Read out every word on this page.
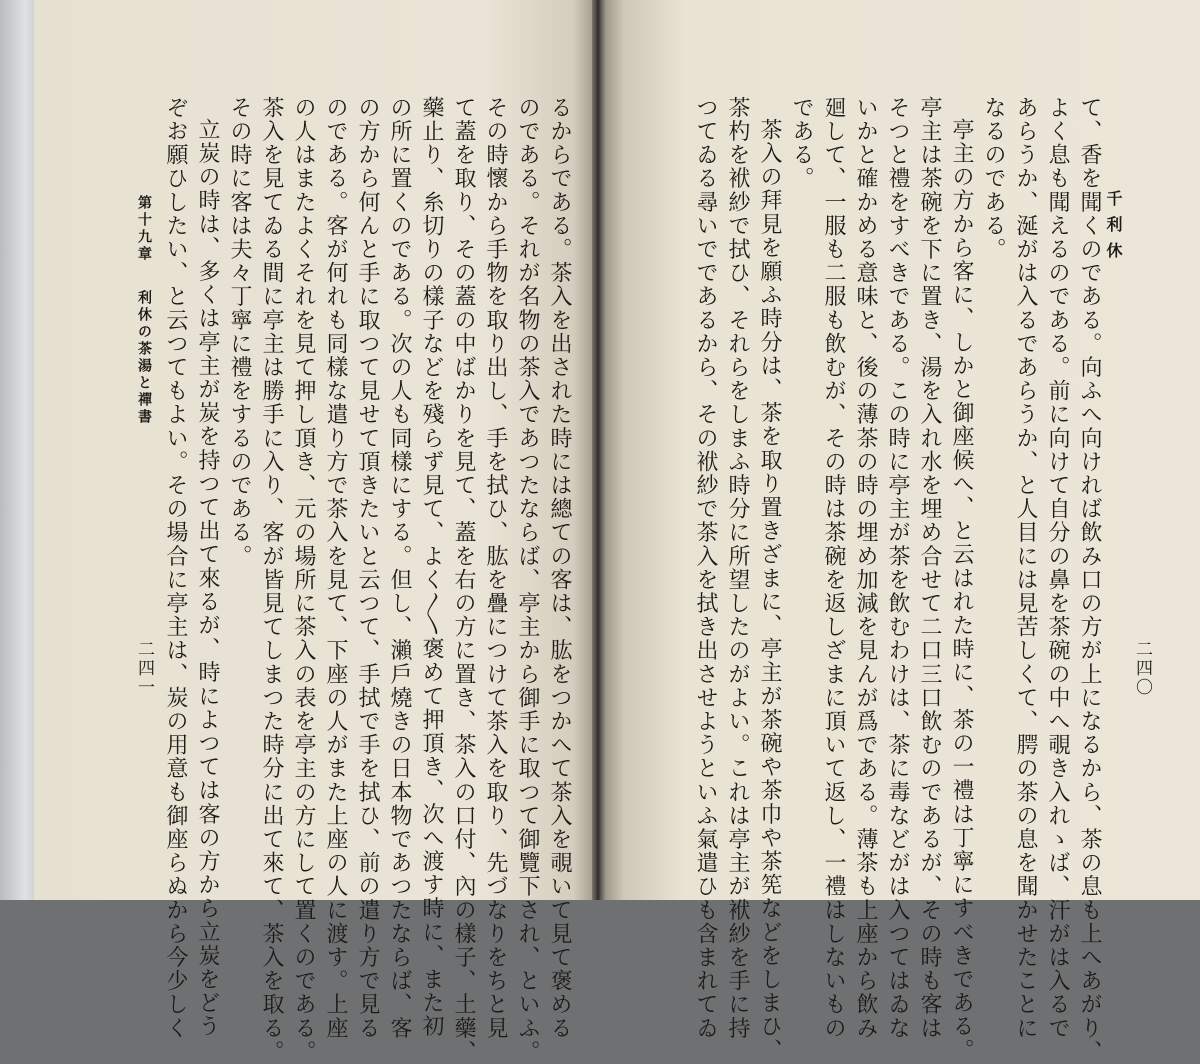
るからである。茶入を出された時には總ての客は、肱をつかへて茶入を覗いて見て褒める
のである。それが名物の茶入であつたならば、亭主から御手に取つて御覽下され、といふ。
その時懷から手物を取り出し、手を拭ひ、肱を疊につけて茶入を取り、先づなりをちと見
て蓋を取り、その蓋の中ばかりを見て、蓋を右の方に置き、茶入の口付、內の樣子、土藥、
藥止り、糸切りの樣子などを殘らず見て、よく〳〵褒めて押頂き、次へ渡す時に、また初
の所に置くのである。次の人も同樣にする。但し、瀨戶燒きの日本物であつたならば、客
の方から何んと手に取つて見せて頂きたいと云つて、手拭で手を拭ひ、前の遣り方で見る
のである。客が何れも同樣な遣り方で茶入を見て、下座の人がまた上座の人に渡す。上座
の人はまたよくそれを見て押し頂き、元の場所に茶入の表を亭主の方にして置くのである。
茶入を見てゐる間に亭主は勝手に入り、客が皆見てしまつた時分に出て來て、茶入を取る。
その時に客は夫々丁寧に禮をするのである。
立炭の時は、多くは亭主が炭を持つて出て來るが、時によつては客の方から立炭をどう
ぞお願ひしたい、と云つてもよい。その場合に亭主は、炭の用意も御座らぬから今少しく
第十九章
利休の茶湯と禪書
二四一
千利休
二四〇
て、香を聞くのである。向ふへ向ければ飲み口の方が上になるから、茶の息も上へあがり、
よく息も聞えるのである。前に向けて自分の鼻を茶碗の中へ覗き入れゝば、汗がは入るで
あらうか、涎がは入るであらうか、と人目には見苦しくて、腭の茶の息を聞かせたことに
なるのである。
亭主の方から客に、しかと御座候へ、と云はれた時に、茶の一禮は丁寧にすべきである。
亭主は茶碗を下に置き、湯を入れ水を埋め合せて二口三口飲むのであるが、その時も客は
そつと禮をすべきである。この時に亭主が茶を飲むわけは、茶に毒などがは入つてはゐな
いかと確かめる意味と、後の薄茶の時の埋め加減を見んが爲である。薄茶も上座から飲み
廻して、一服も二服も飲むが、その時は茶碗を返しざまに頂いて返し、一禮はしないもの
である。
茶入の拜見を願ふ時分は、茶を取り置きざまに、亭主が茶碗や茶巾や茶筅などをしまひ、
茶杓を袱紗で拭ひ、それらをしまふ時分に所望したのがよい。これは亭主が袱紗を手に持
つてゐる尋いでであるから、その袱紗で茶入を拭き出させようといふ氣遣ひも含まれてゐ
